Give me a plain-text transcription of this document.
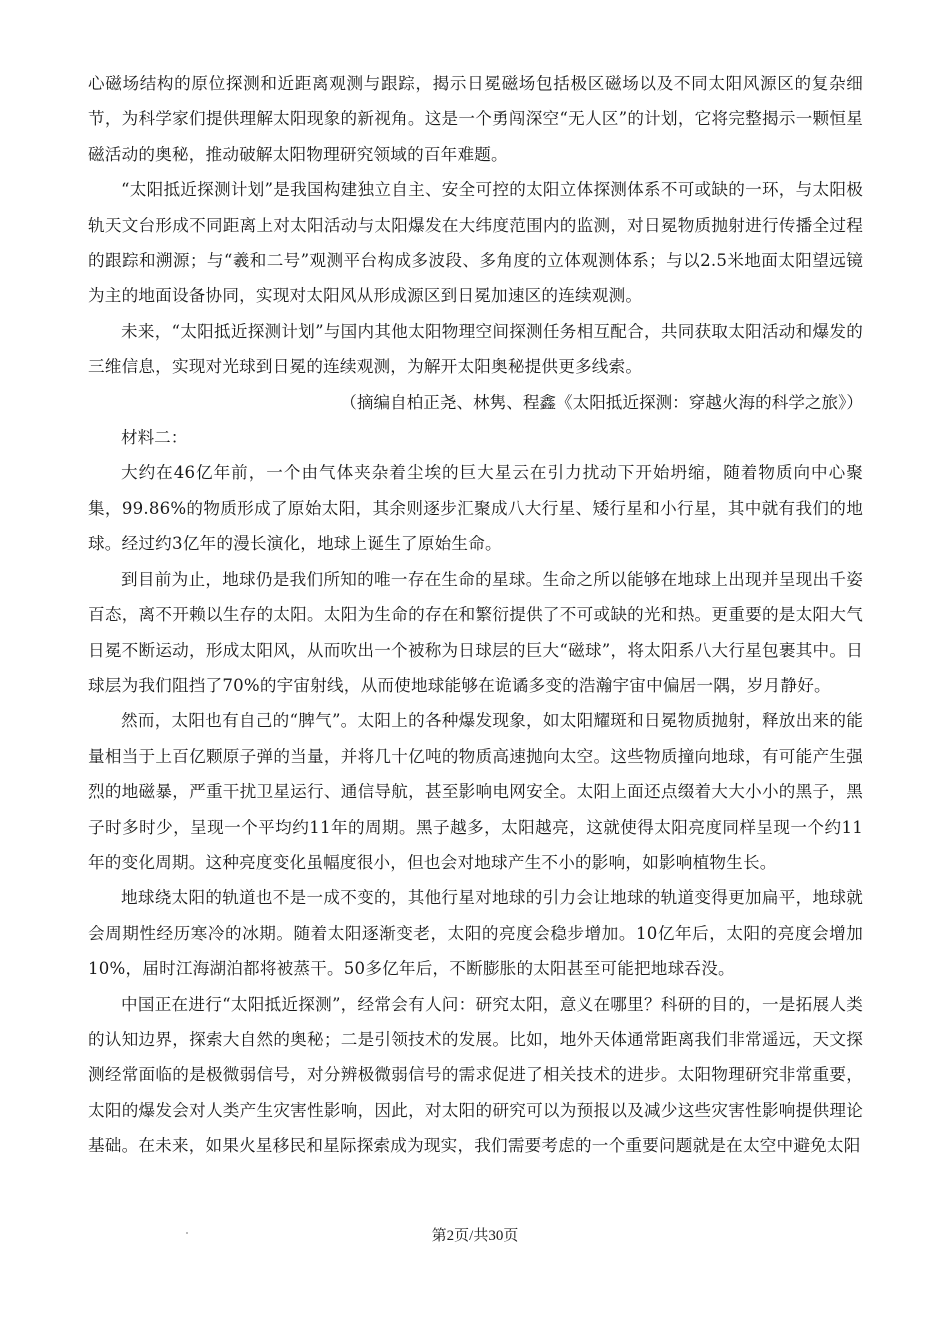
心磁场结构的原位探测和近距离观测与跟踪，揭示日冕磁场包括极区磁场以及不同太阳风源区的复杂细节，为科学家们提供理解太阳现象的新视角。这是一个勇闯深空“无人区”的计划，它将完整揭示一颗恒星磁活动的奥秘，推动破解太阳物理研究领域的百年难题。

“太阳抵近探测计划”是我国构建独立自主、安全可控的太阳立体探测体系不可或缺的一环，与太阳极轨天文台形成不同距离上对太阳活动与太阳爆发在大纬度范围内的监测，对日冕物质抛射进行传播全过程的跟踪和溯源；与“羲和二号”观测平台构成多波段、多角度的立体观测体系；与以2.5米地面太阳望远镜为主的地面设备协同，实现对太阳风从形成源区到日冕加速区的连续观测。

未来，“太阳抵近探测计划”与国内其他太阳物理空间探测任务相互配合，共同获取太阳活动和爆发的三维信息，实现对光球到日冕的连续观测，为解开太阳奥秘提供更多线索。

（摘编自柏正尧、林隽、程鑫《太阳抵近探测：穿越火海的科学之旅》）

材料二：

大约在46亿年前，一个由气体夹杂着尘埃的巨大星云在引力扰动下开始坍缩，随着物质向中心聚集，99.86%的物质形成了原始太阳，其余则逐步汇聚成八大行星、矮行星和小行星，其中就有我们的地球。经过约3亿年的漫长演化，地球上诞生了原始生命。

到目前为止，地球仍是我们所知的唯一存在生命的星球。生命之所以能够在地球上出现并呈现出千姿百态，离不开赖以生存的太阳。太阳为生命的存在和繁衍提供了不可或缺的光和热。更重要的是太阳大气日冕不断运动，形成太阳风，从而吹出一个被称为日球层的巨大“磁球”，将太阳系八大行星包裹其中。日球层为我们阻挡了70%的宇宙射线，从而使地球能够在诡谲多变的浩瀚宇宙中偏居一隅，岁月静好。

然而，太阳也有自己的“脾气”。太阳上的各种爆发现象，如太阳耀斑和日冕物质抛射，释放出来的能量相当于上百亿颗原子弹的当量，并将几十亿吨的物质高速抛向太空。这些物质撞向地球，有可能产生强烈的地磁暴，严重干扰卫星运行、通信导航，甚至影响电网安全。太阳上面还点缀着大大小小的黑子，黑子时多时少，呈现一个平均约11年的周期。黑子越多，太阳越亮，这就使得太阳亮度同样呈现一个约11年的变化周期。这种亮度变化虽幅度很小，但也会对地球产生不小的影响，如影响植物生长。

地球绕太阳的轨道也不是一成不变的，其他行星对地球的引力会让地球的轨道变得更加扁平，地球就会周期性经历寒冷的冰期。随着太阳逐渐变老，太阳的亮度会稳步增加。10亿年后，太阳的亮度会增加10%，届时江海湖泊都将被蒸干。50多亿年后，不断膨胀的太阳甚至可能把地球吞没。

中国正在进行“太阳抵近探测”，经常会有人问：研究太阳，意义在哪里？科研的目的，一是拓展人类的认知边界，探索大自然的奥秘；二是引领技术的发展。比如，地外天体通常距离我们非常遥远，天文探测经常面临的是极微弱信号，对分辨极微弱信号的需求促进了相关技术的进步。太阳物理研究非常重要，太阳的爆发会对人类产生灾害性影响，因此，对太阳的研究可以为预报以及减少这些灾害性影响提供理论基础。在未来，如果火星移民和星际探索成为现实，我们需要考虑的一个重要问题就是在太空中避免太阳

第2页/共30页
